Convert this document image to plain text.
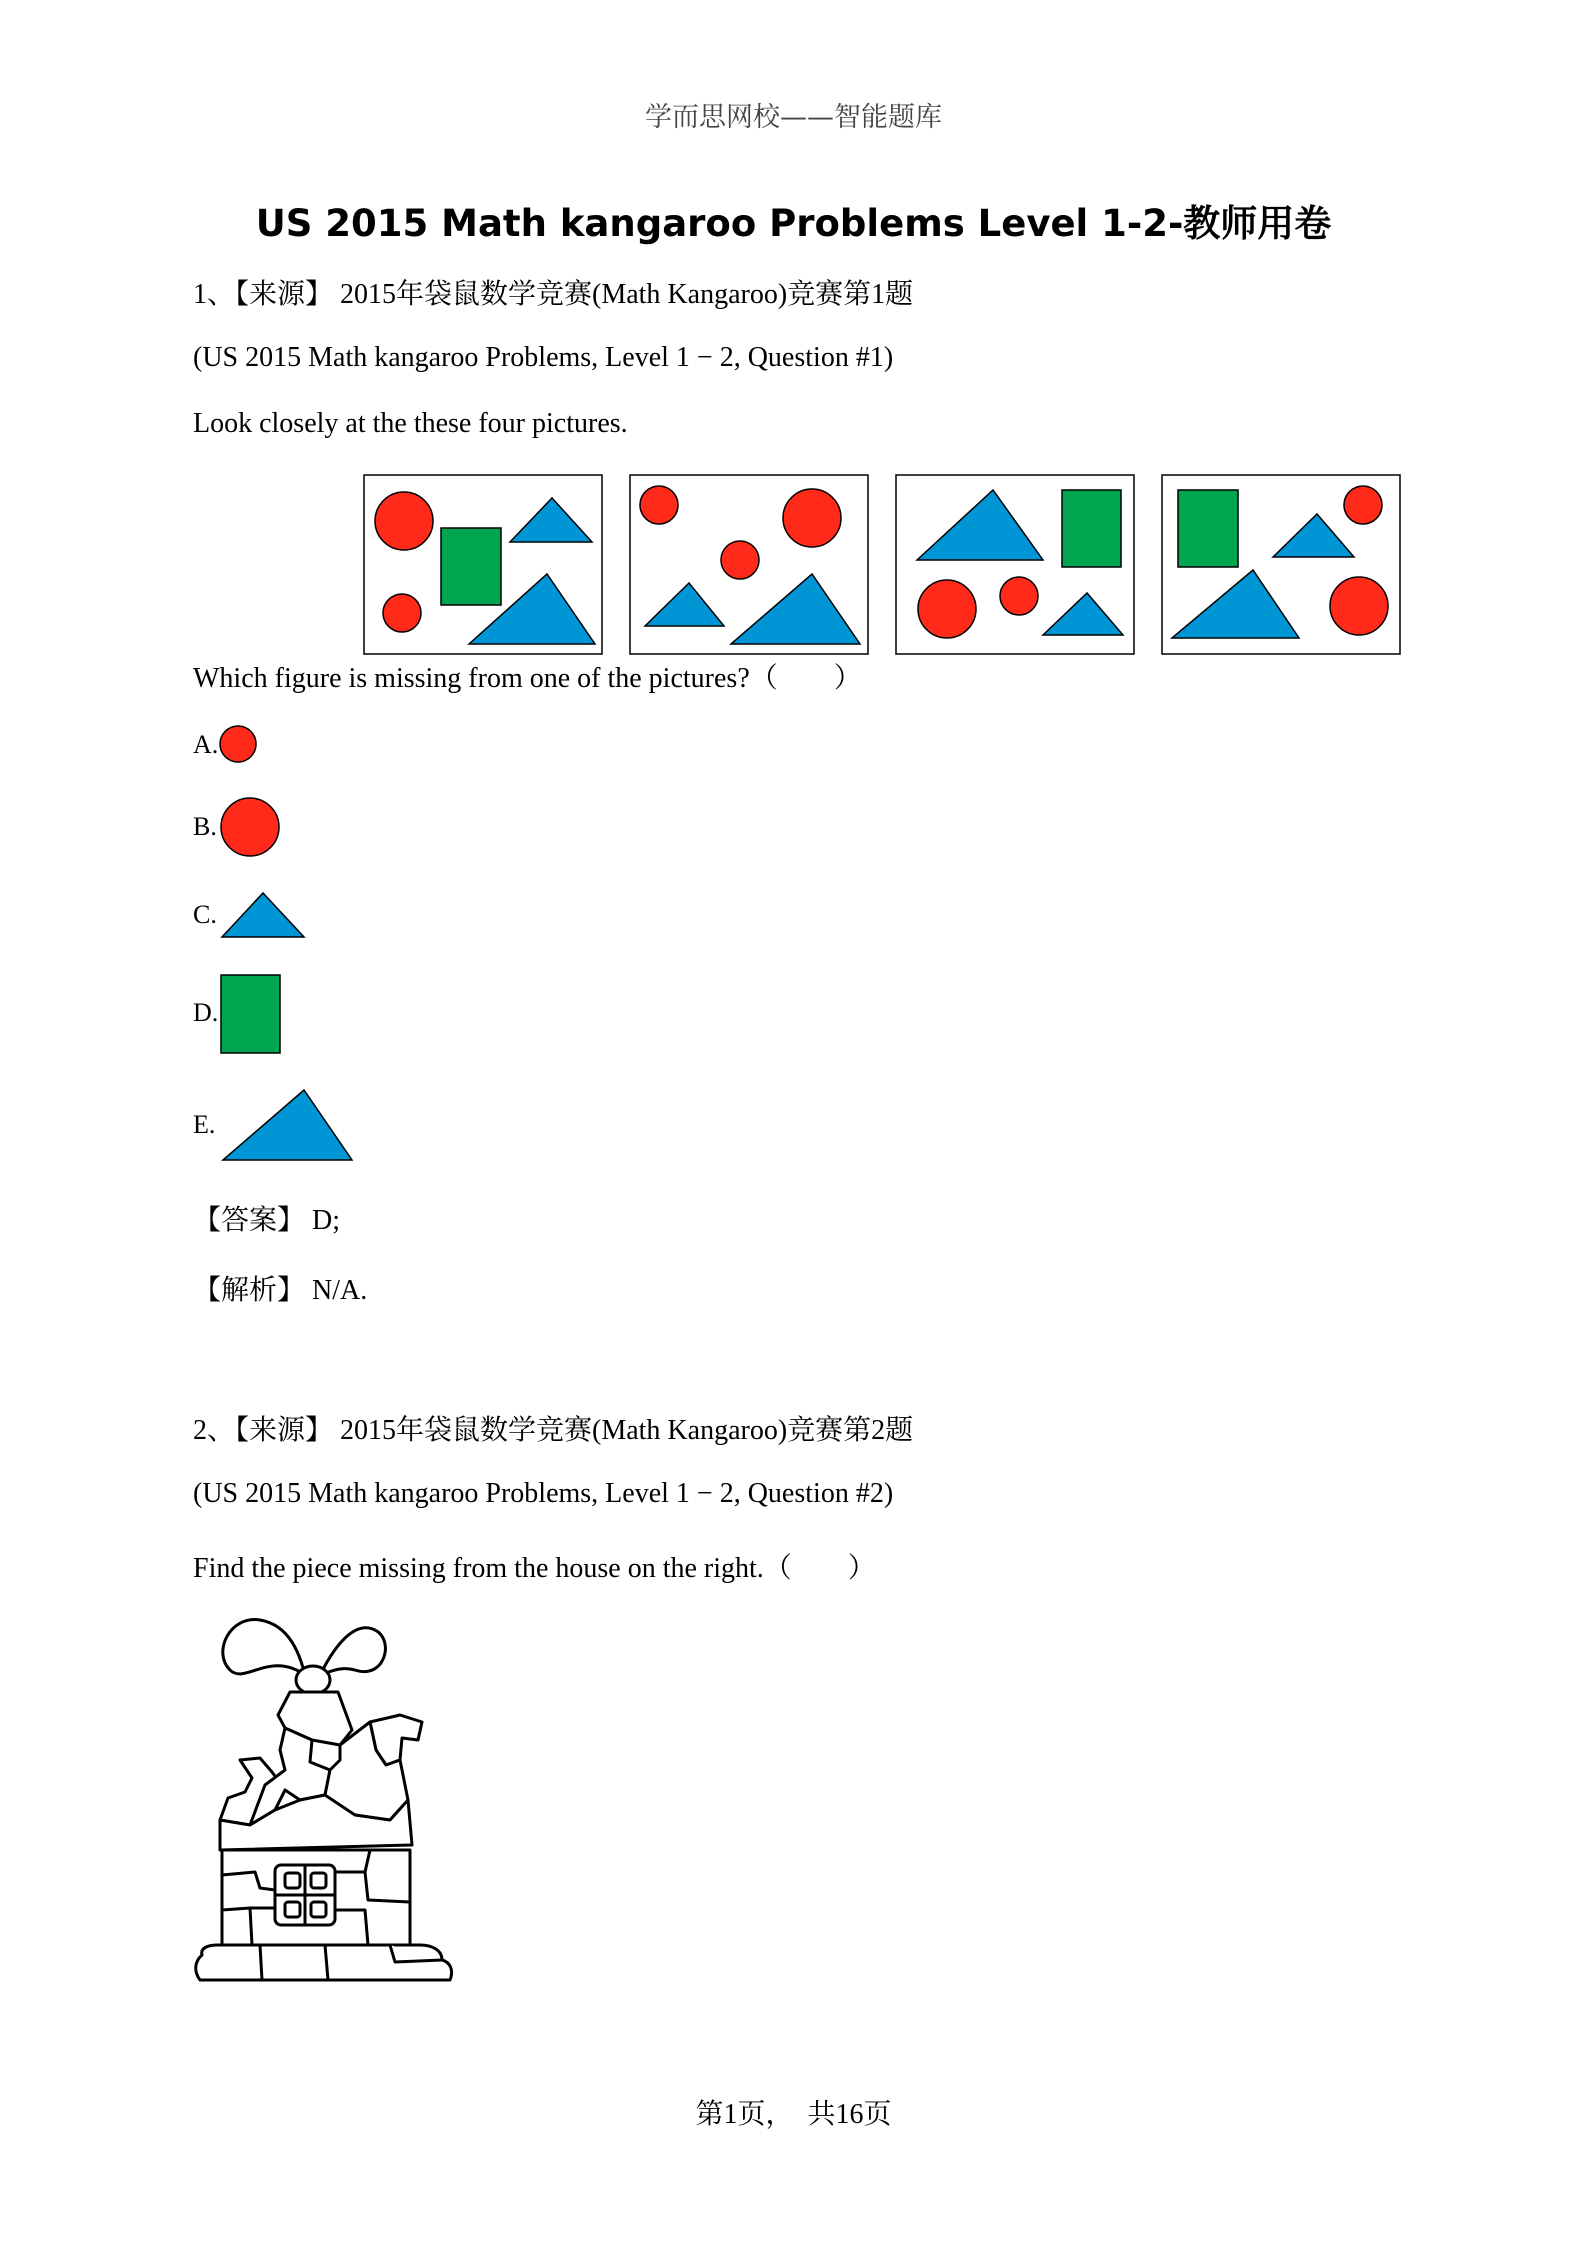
学而思网校——智能题库
US 2015 Math kangaroo Problems Level 1-2-教师用卷
1、【来源】 2015年袋鼠数学竞赛(Math Kangaroo)竞赛第1题
(US 2015 Math kangaroo Problems, Level 1 − 2, Question #1)
Look closely at the these four pictures.
Which figure is missing from one of the pictures?（　　）
A.
B.
C.
D.
E.
【答案】 D;
【解析】 N/A.
2、【来源】 2015年袋鼠数学竞赛(Math Kangaroo)竞赛第2题
(US 2015 Math kangaroo Problems, Level 1 − 2, Question #2)
Find the piece missing from the house on the right.（　　）
第1页，　共16页
